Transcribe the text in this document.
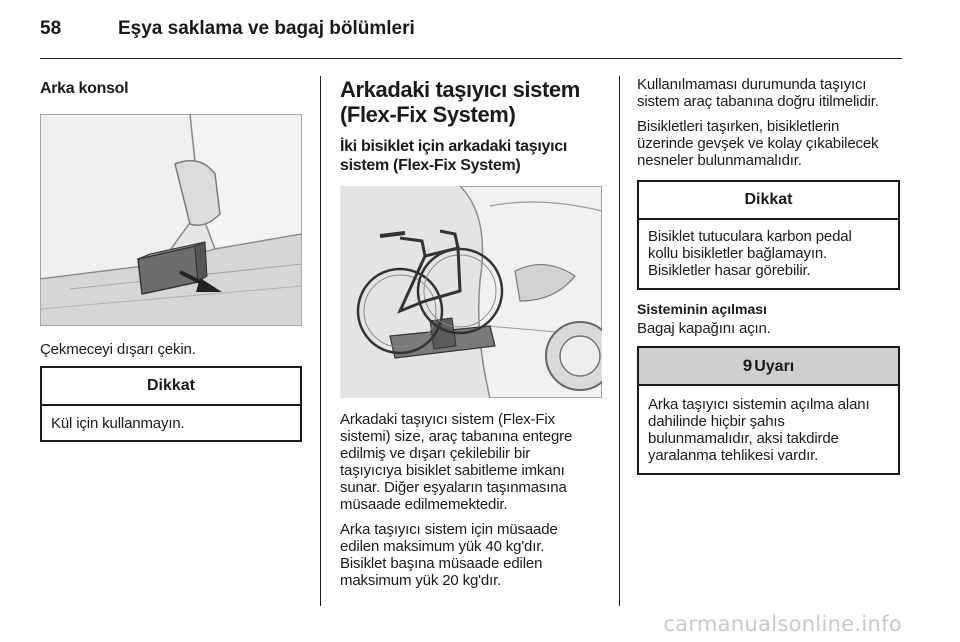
58	Eşya saklama ve bagaj bölümleri
Arka konsol

Çekmeceyi dışarı çekin.

Dikkat
Kül için kullanmayın.
Arkadaki taşıyıcı sistem
(Flex-Fix System)
İki bisiklet için arkadaki taşıyıcı
sistem (Flex-Fix System)

Arkadaki taşıyıcı sistem (Flex-Fix
sistemi) size, araç tabanına entegre
edilmiş ve dışarı çekilebilir bir
taşıyıcıya bisiklet sabitleme imkanı
sunar. Diğer eşyaların taşınmasına
müsaade edilmemektedir.

Arka taşıyıcı sistem için müsaade
edilen maksimum yük 40 kg'dır.
Bisiklet başına müsaade edilen
maksimum yük 20 kg'dır.

Kullanılmaması durumunda taşıyıcı
sistem araç tabanına doğru itilmelidir.

Bisikletleri taşırken, bisikletlerin
üzerinde gevşek ve kolay çıkabilecek
nesneler bulunmamalıdır.

Dikkat
Bisiklet tutuculara karbon pedal
kollu bisikletler bağlamayın.
Bisikletler hasar görebilir.
Sisteminin açılması

Bagaj kapağını açın.

9 Uyarı
Arka taşıyıcı sistemin açılma alanı
dahilinde hiçbir şahıs
bulunmamalıdır, aksi takdirde
yaralanma tehlikesi vardır.
carmanualsonline.info
